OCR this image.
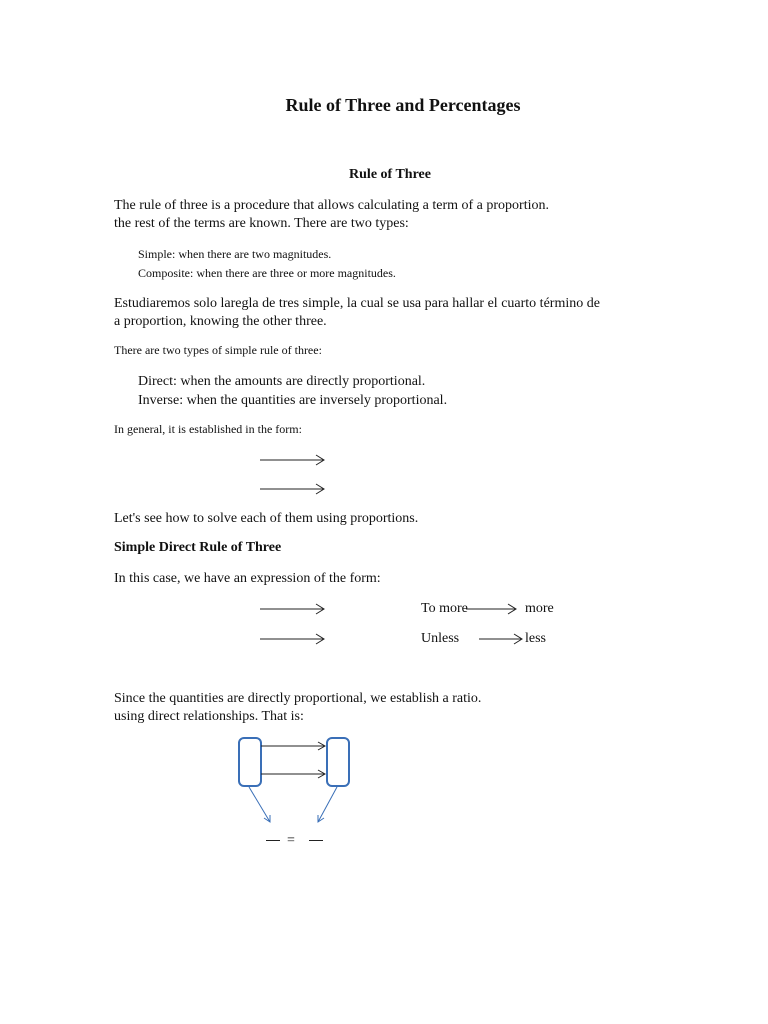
Rule of Three and Percentages
Rule of Three
The rule of three is a procedure that allows calculating a term of a proportion.
the rest of the terms are known. There are two types:
Simple: when there are two magnitudes.
Composite: when there are three or more magnitudes.
Estudiaremos solo laregla de tres simple, la cual se usa para hallar el cuarto término de
a proportion, knowing the other three.
There are two types of simple rule of three:
Direct: when the amounts are directly proportional.
Inverse: when the quantities are inversely proportional.
In general, it is established in the form:
Let's see how to solve each of them using proportions.
Simple Direct Rule of Three
In this case, we have an expression of the form:
To more	more
Unless	less
Since the quantities are directly proportional, we establish a ratio.
using direct relationships. That is:
=
